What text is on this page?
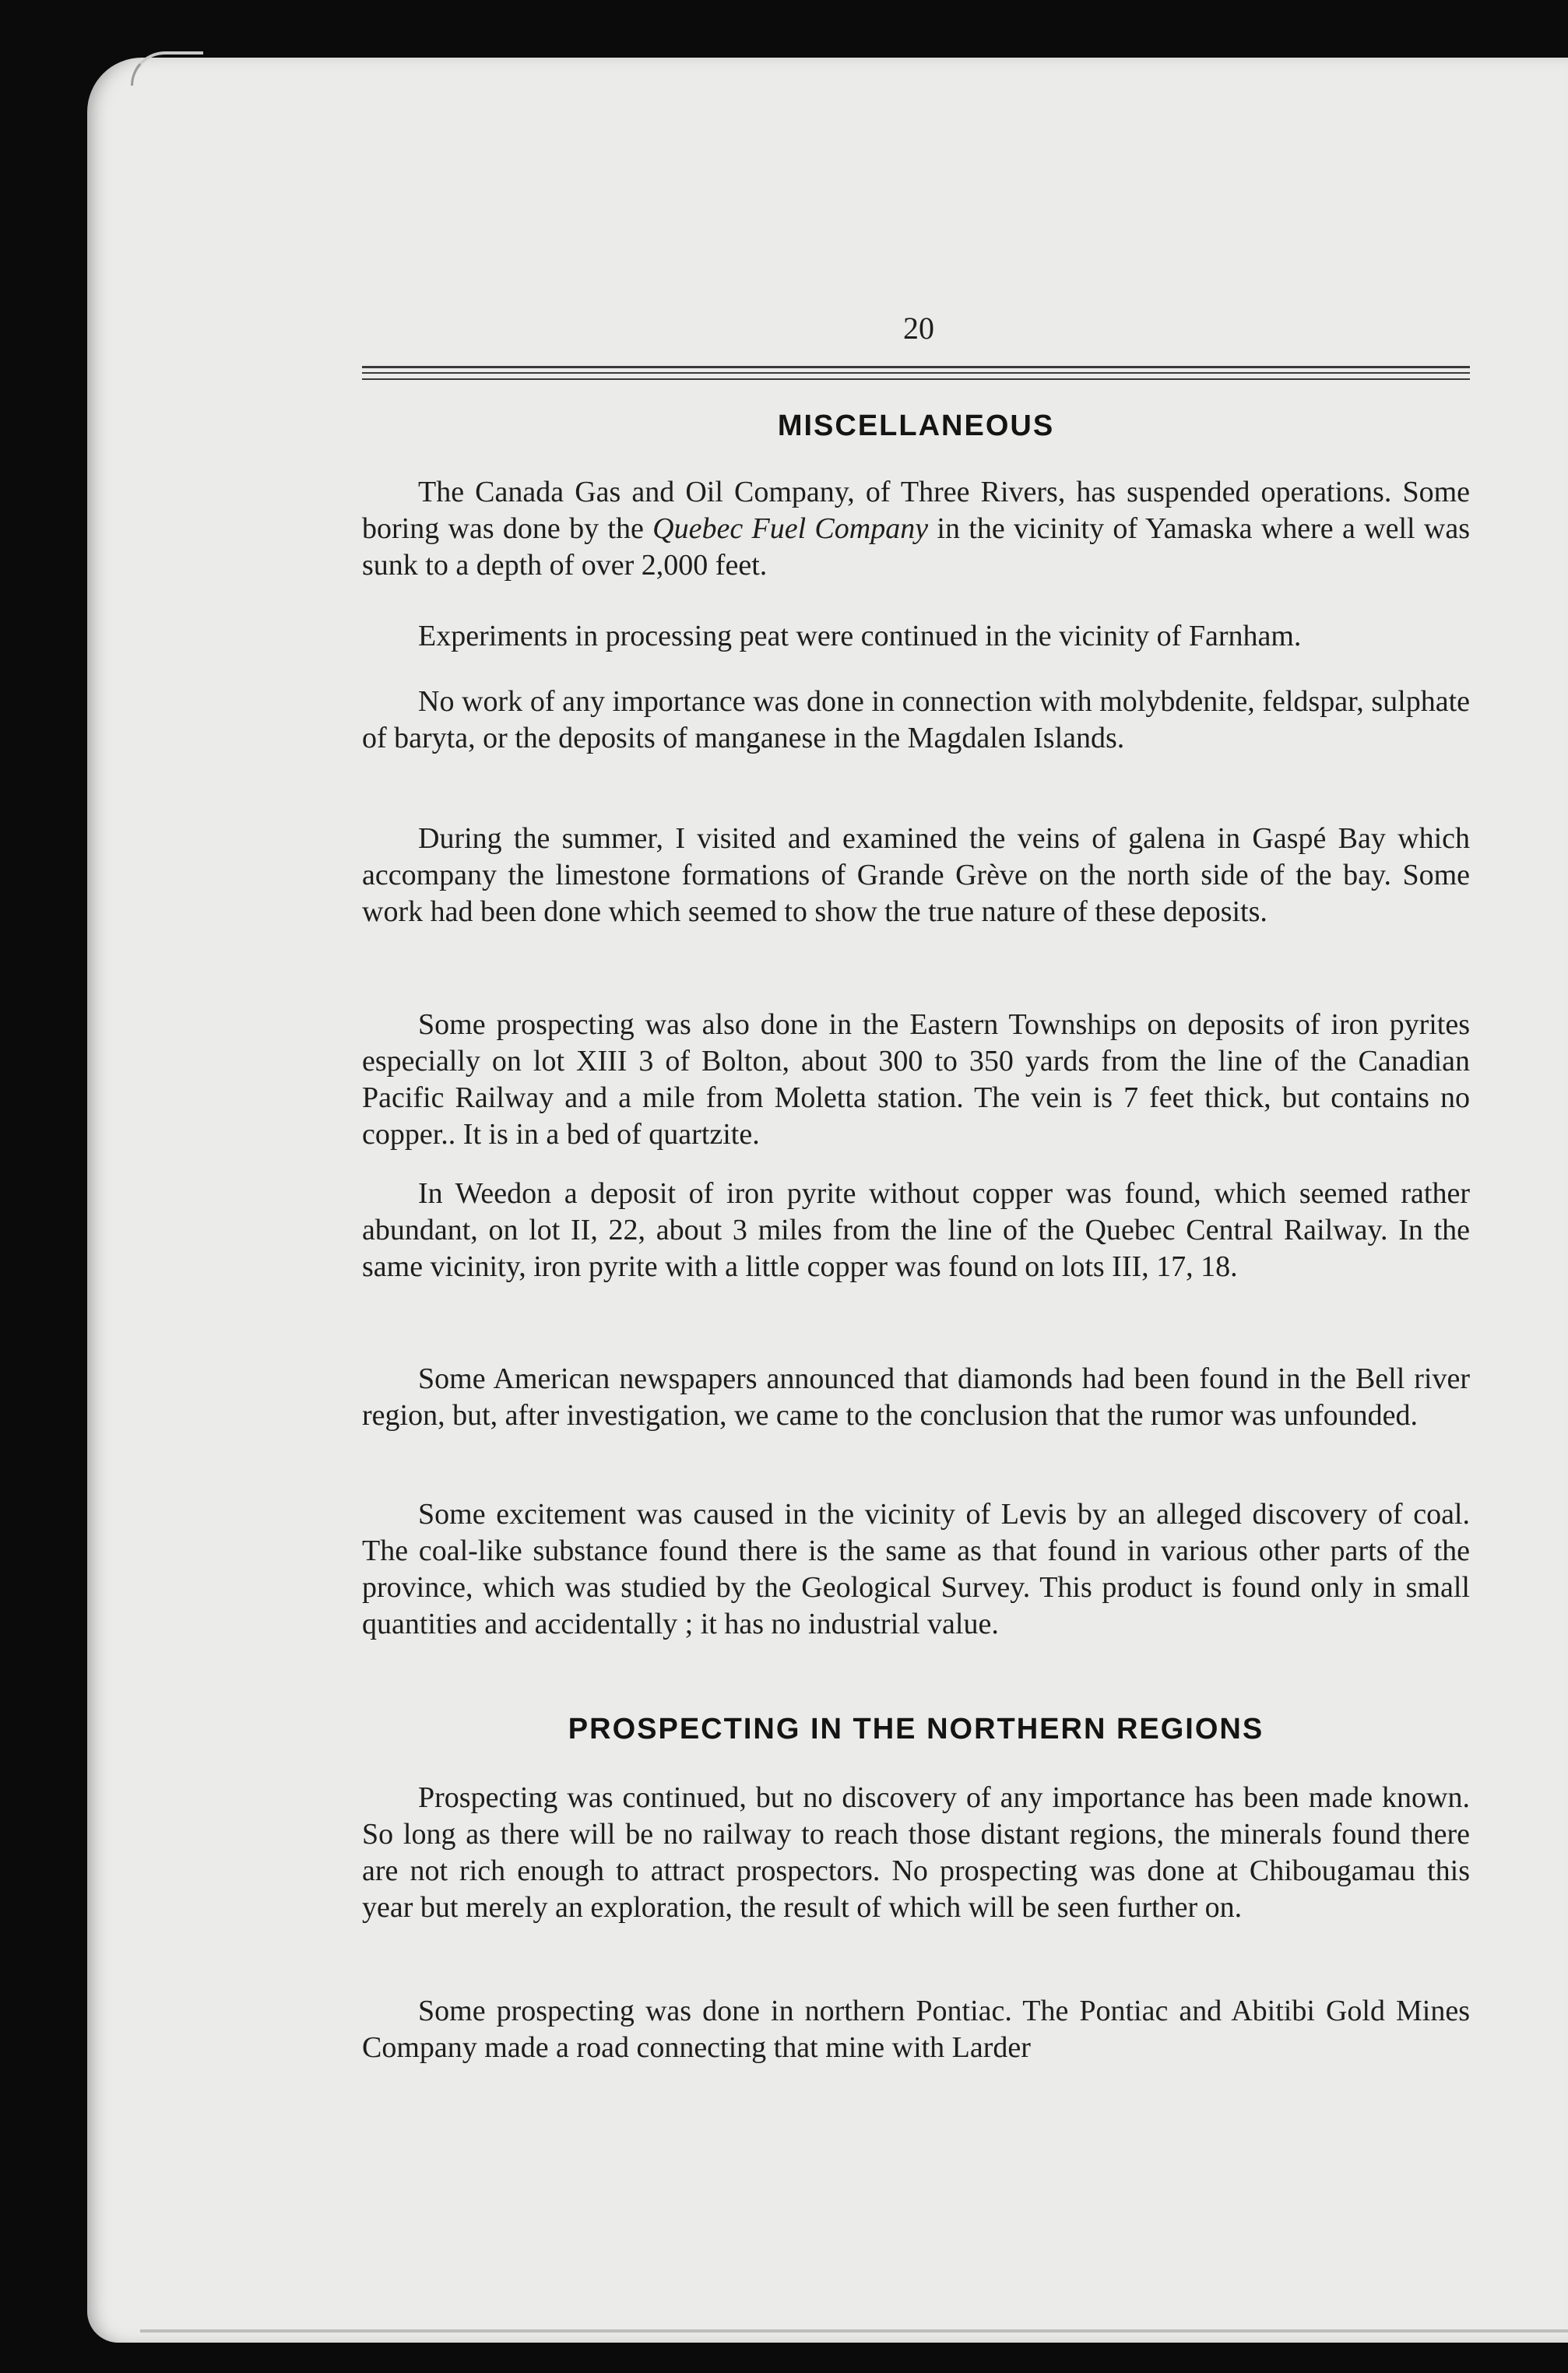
20
MISCELLANEOUS

The Canada Gas and Oil Company, of Three Rivers, has suspended operations. Some boring was done by the Quebec Fuel Company in the vicinity of Yamaska where a well was sunk to a depth of over 2,000 feet.

Experiments in processing peat were continued in the vicinity of Farnham.

No work of any importance was done in connection with molybdenite, feldspar, sulphate of baryta, or the deposits of manganese in the Magdalen Islands.

During the summer, I visited and examined the veins of galena in Gaspé Bay which accompany the limestone formations of Grande Grève on the north side of the bay. Some work had been done which seemed to show the true nature of these deposits.

Some prospecting was also done in the Eastern Townships on deposits of iron pyrites especially on lot XIII 3 of Bolton, about 300 to 350 yards from the line of the Canadian Pacific Railway and a mile from Moletta station. The vein is 7 feet thick, but contains no copper.. It is in a bed of quartzite.

In Weedon a deposit of iron pyrite without copper was found, which seemed rather abundant, on lot II, 22, about 3 miles from the line of the Quebec Central Railway. In the same vicinity, iron pyrite with a little copper was found on lots III, 17, 18.

Some American newspapers announced that diamonds had been found in the Bell river region, but, after investigation, we came to the conclusion that the rumor was unfounded.

Some excitement was caused in the vicinity of Levis by an alleged discovery of coal. The coal-like substance found there is the same as that found in various other parts of the province, which was studied by the Geological Survey. This product is found only in small quantities and accidentally ; it has no industrial value.

PROSPECTING IN THE NORTHERN REGIONS

Prospecting was continued, but no discovery of any importance has been made known. So long as there will be no railway to reach those distant regions, the minerals found there are not rich enough to attract prospectors. No prospecting was done at Chibougamau this year but merely an exploration, the result of which will be seen further on.

Some prospecting was done in northern Pontiac. The Pontiac and Abitibi Gold Mines Company made a road connecting that mine with Larder
